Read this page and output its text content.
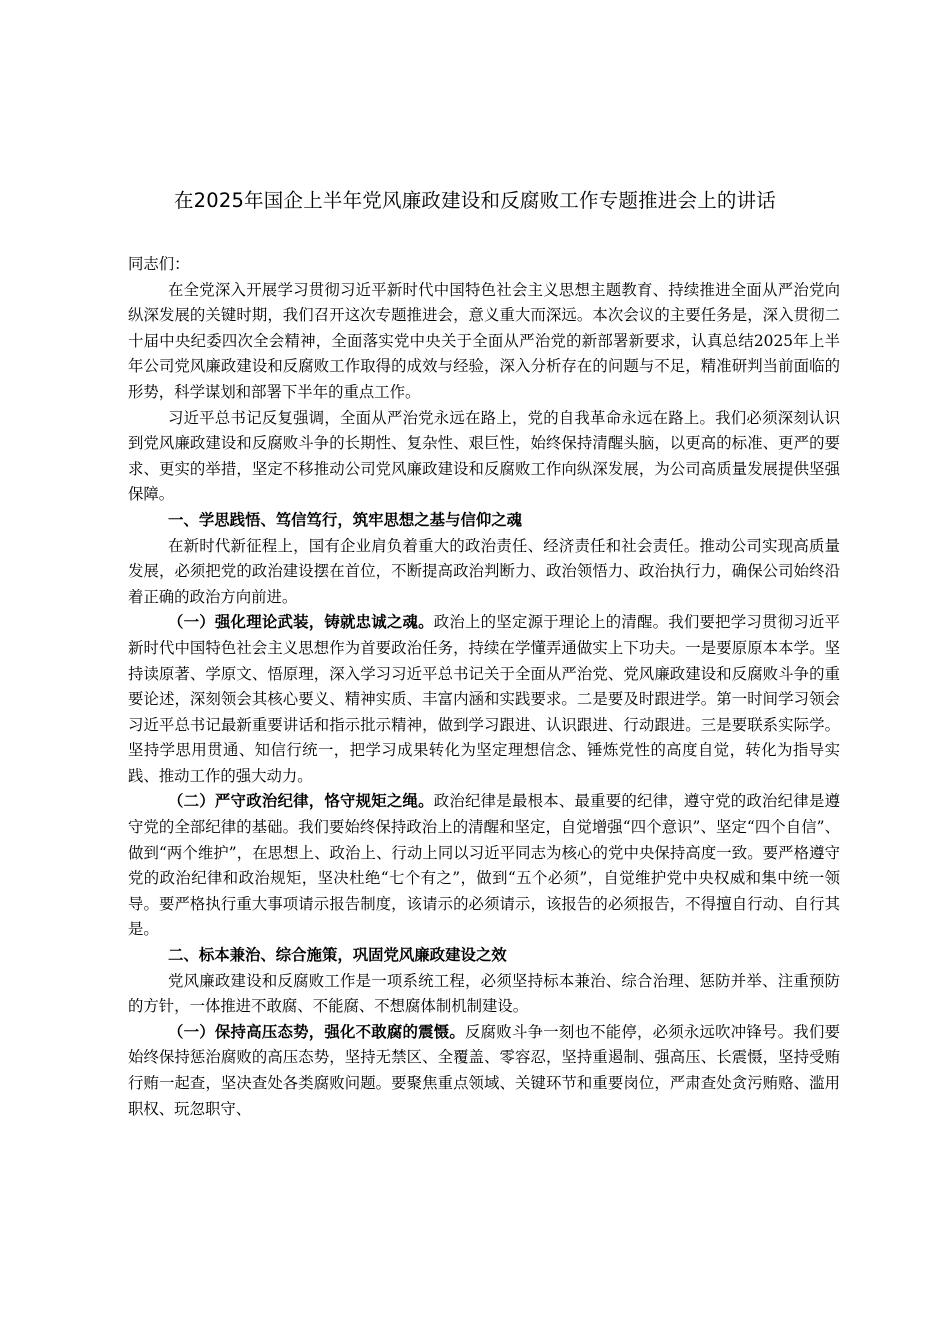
在2025年国企上半年党风廉政建设和反腐败工作专题推进会上的讲话

同志们：

在全党深入开展学习贯彻习近平新时代中国特色社会主义思想主题教育、持续推进全面从严治党向纵深发展的关键时期，我们召开这次专题推进会，意义重大而深远。本次会议的主要任务是，深入贯彻二十届中央纪委四次全会精神，全面落实党中央关于全面从严治党的新部署新要求，认真总结2025年上半年公司党风廉政建设和反腐败工作取得的成效与经验，深入分析存在的问题与不足，精准研判当前面临的形势，科学谋划和部署下半年的重点工作。

习近平总书记反复强调，全面从严治党永远在路上，党的自我革命永远在路上。我们必须深刻认识到党风廉政建设和反腐败斗争的长期性、复杂性、艰巨性，始终保持清醒头脑，以更高的标准、更严的要求、更实的举措，坚定不移推动公司党风廉政建设和反腐败工作向纵深发展，为公司高质量发展提供坚强保障。

一、学思践悟、笃信笃行，筑牢思想之基与信仰之魂

在新时代新征程上，国有企业肩负着重大的政治责任、经济责任和社会责任。推动公司实现高质量发展，必须把党的政治建设摆在首位，不断提高政治判断力、政治领悟力、政治执行力，确保公司始终沿着正确的政治方向前进。

（一）强化理论武装，铸就忠诚之魂。政治上的坚定源于理论上的清醒。我们要把学习贯彻习近平新时代中国特色社会主义思想作为首要政治任务，持续在学懂弄通做实上下功夫。一是要原原本本学。坚持读原著、学原文、悟原理，深入学习习近平总书记关于全面从严治党、党风廉政建设和反腐败斗争的重要论述，深刻领会其核心要义、精神实质、丰富内涵和实践要求。二是要及时跟进学。第一时间学习领会习近平总书记最新重要讲话和指示批示精神，做到学习跟进、认识跟进、行动跟进。三是要联系实际学。坚持学思用贯通、知信行统一，把学习成果转化为坚定理想信念、锤炼党性的高度自觉，转化为指导实践、推动工作的强大动力。

（二）严守政治纪律，恪守规矩之绳。政治纪律是最根本、最重要的纪律，遵守党的政治纪律是遵守党的全部纪律的基础。我们要始终保持政治上的清醒和坚定，自觉增强“四个意识”、坚定“四个自信”、做到“两个维护”，在思想上、政治上、行动上同以习近平同志为核心的党中央保持高度一致。要严格遵守党的政治纪律和政治规矩，坚决杜绝“七个有之”，做到“五个必须”，自觉维护党中央权威和集中统一领导。要严格执行重大事项请示报告制度，该请示的必须请示，该报告的必须报告，不得擅自行动、自行其是。

二、标本兼治、综合施策，巩固党风廉政建设之效

党风廉政建设和反腐败工作是一项系统工程，必须坚持标本兼治、综合治理、惩防并举、注重预防的方针，一体推进不敢腐、不能腐、不想腐体制机制建设。

（一）保持高压态势，强化不敢腐的震慑。反腐败斗争一刻也不能停，必须永远吹冲锋号。我们要始终保持惩治腐败的高压态势，坚持无禁区、全覆盖、零容忍，坚持重遏制、强高压、长震慑，坚持受贿行贿一起查，坚决查处各类腐败问题。要聚焦重点领域、关键环节和重要岗位，严肃查处贪污贿赂、滥用职权、玩忽职守、
